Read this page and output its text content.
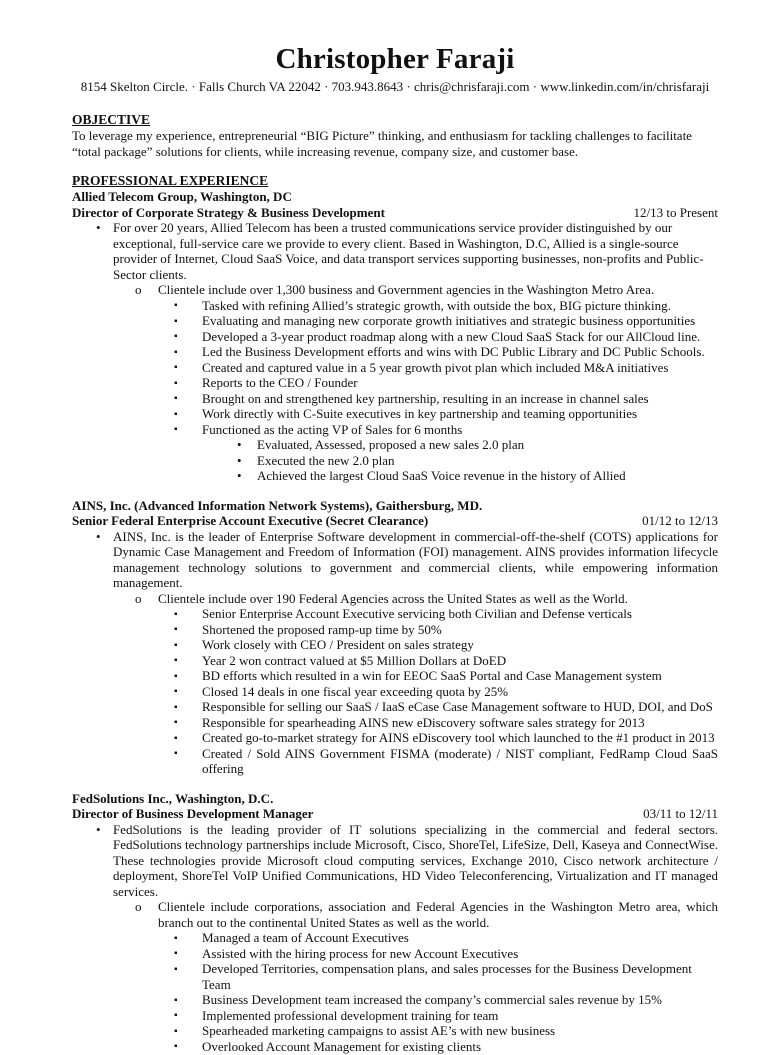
Christopher Faraji
8154 Skelton Circle. · Falls Church VA 22042 · 703.943.8643 · chris@chrisfaraji.com · www.linkedin.com/in/chrisfaraji
OBJECTIVE

To leverage my experience, entrepreneurial “BIG Picture” thinking, and enthusiasm for tackling challenges to facilitate “total package” solutions for clients, while increasing revenue, company size, and customer base.

PROFESSIONAL EXPERIENCE
Allied Telecom Group, Washington, DC
Director of Corporate Strategy & Business Development	12/13 to Present
• For over 20 years, Allied Telecom has been a trusted communications service provider distinguished by our exceptional, full-service care we provide to every client. Based in Washington, D.C, Allied is a single-source provider of Internet, Cloud SaaS Voice, and data transport services supporting businesses, non-profits and Public-Sector clients.
o Clientele include over 1,300 business and Government agencies in the Washington Metro Area.
▪ Tasked with refining Allied’s strategic growth, with outside the box, BIG picture thinking.
▪ Evaluating and managing new corporate growth initiatives and strategic business opportunities
▪ Developed a 3-year product roadmap along with a new Cloud SaaS Stack for our AllCloud line.
▪ Led the Business Development efforts and wins with DC Public Library and DC Public Schools.
▪ Created and captured value in a 5 year growth pivot plan which included M&A initiatives
▪ Reports to the CEO / Founder
▪ Brought on and strengthened key partnership, resulting in an increase in channel sales
▪ Work directly with C-Suite executives in key partnership and teaming opportunities
▪ Functioned as the acting VP of Sales for 6 months
• Evaluated, Assessed, proposed a new sales 2.0 plan
• Executed the new 2.0 plan
• Achieved the largest Cloud SaaS Voice revenue in the history of Allied
AINS, Inc. (Advanced Information Network Systems), Gaithersburg, MD.
Senior Federal Enterprise Account Executive (Secret Clearance)	01/12 to 12/13
• AINS, Inc. is the leader of Enterprise Software development in commercial-off-the-shelf (COTS) applications for Dynamic Case Management and Freedom of Information (FOI) management. AINS provides information lifecycle management technology solutions to government and commercial clients, while empowering information management.
o Clientele include over 190 Federal Agencies across the United States as well as the World.
▪ Senior Enterprise Account Executive servicing both Civilian and Defense verticals
▪ Shortened the proposed ramp-up time by 50%
▪ Work closely with CEO / President on sales strategy
▪ Year 2 won contract valued at $5 Million Dollars at DoED
▪ BD efforts which resulted in a win for EEOC SaaS Portal and Case Management system
▪ Closed 14 deals in one fiscal year exceeding quota by 25%
▪ Responsible for selling our SaaS / IaaS eCase Case Management software to HUD, DOI, and DoS
▪ Responsible for spearheading AINS new eDiscovery software sales strategy for 2013
▪ Created go-to-market strategy for AINS eDiscovery tool which launched to the #1 product in 2013
▪ Created / Sold AINS Government FISMA (moderate) / NIST compliant, FedRamp Cloud SaaS offering
FedSolutions Inc., Washington, D.C.
Director of Business Development Manager	03/11 to 12/11
• FedSolutions is the leading provider of IT solutions specializing in the commercial and federal sectors. FedSolutions technology partnerships include Microsoft, Cisco, ShoreTel, LifeSize, Dell, Kaseya and ConnectWise. These technologies provide Microsoft cloud computing services, Exchange 2010, Cisco network architecture / deployment, ShoreTel VoIP Unified Communications, HD Video Teleconferencing, Virtualization and IT managed services.
o Clientele include corporations, association and Federal Agencies in the Washington Metro area, which branch out to the continental United States as well as the world.
▪ Managed a team of Account Executives
▪ Assisted with the hiring process for new Account Executives
▪ Developed Territories, compensation plans, and sales processes for the Business Development Team
▪ Business Development team increased the company’s commercial sales revenue by 15%
▪ Implemented professional development training for team
▪ Spearheaded marketing campaigns to assist AE’s with new business
▪ Overlooked Account Management for existing clients
